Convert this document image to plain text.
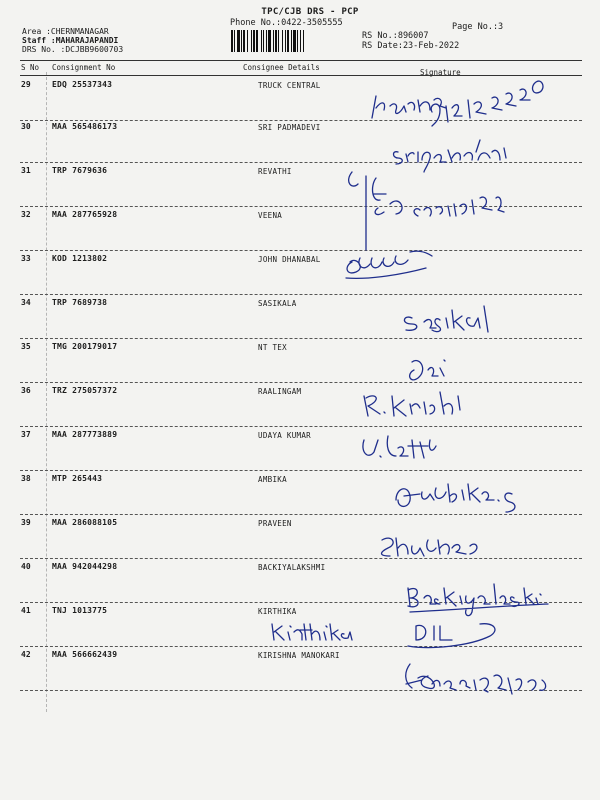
TPC/CJB DRS - PCP
Phone No.:0422-3505555
Area :CHERNMANAGAR
Staff :MAHARAJAPANDI
DRS No. :DCJBB9600703
Page No.:3
RS No.:896007
RS Date:23-Feb-2022
S No Consignment No	Consignee Details
Signature
29	EDQ 25537343	TRUCK CENTRAL
30	MAA 565486173	SRI PADMADEVI
31	TRP 7679636	REVATHI
32	MAA 287765928	VEENA
33	KOD 1213802	JOHN DHANABAL
34	TRP 7689738	SASIKALA
35	TMG 200179017	NT TEX
36	TRZ 275057372	RAALINGAM
37	MAA 287773889	UDAYA KUMAR
38	MTP 265443	AMBIKA
39	MAA 286088105	PRAVEEN
40	MAA 942044298	BACKIYALAKSHMI
41	TNJ 1013775	KIRTHIKA
42	MAA 566662439	KIRISHNA MANOKARI
